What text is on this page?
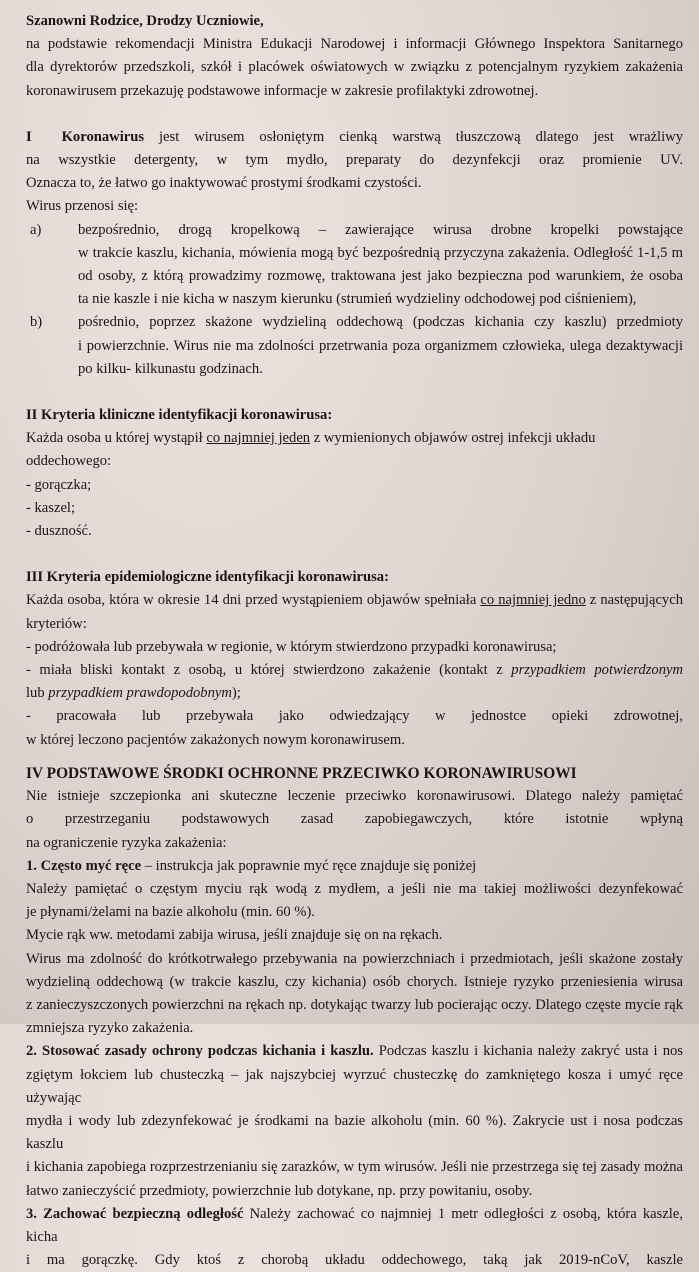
Szanowni Rodzice, Drodzy Uczniowie,

na podstawie rekomendacji Ministra Edukacji Narodowej i informacji Głównego Inspektora Sanitarnego

dla dyrektorów przedszkoli, szkół i placówek oświatowych w związku z potencjalnym ryzykiem zakażenia

koronawirusem przekazuję podstawowe informacje w zakresie profilaktyki zdrowotnej.

I Koronawirus jest wirusem osłoniętym cienką warstwą tłuszczową dlatego jest wrażliwy

na wszystkie detergenty, w tym mydło, preparaty do dezynfekcji oraz promienie UV.

Oznacza to, że łatwo go inaktywować prostymi środkami czystości.

Wirus przenosi się:

a)	bezpośrednio, drogą kropelkową – zawierające wirusa drobne kropelki powstające

w trakcie kaszlu, kichania, mówienia mogą być bezpośrednią przyczyna zakażenia. Odległość 1-1,5 m

od osoby, z którą prowadzimy rozmowę, traktowana jest jako bezpieczna pod warunkiem, że osoba

ta nie kaszle i nie kicha w naszym kierunku (strumień wydzieliny odchodowej pod ciśnieniem),

b)	pośrednio, poprzez skażone wydzieliną oddechową (podczas kichania czy kaszlu) przedmioty

i powierzchnie. Wirus nie ma zdolności przetrwania poza organizmem człowieka, ulega dezaktywacji

po kilku- kilkunastu godzinach.

II Kryteria kliniczne identyfikacji koronawirusa:

Każda osoba u której wystąpił co najmniej jeden z wymienionych objawów ostrej infekcji układu oddechowego:

- gorączka;

- kaszel;

- duszność.

III Kryteria epidemiologiczne identyfikacji koronawirusa:

Każda osoba, która w okresie 14 dni przed wystąpieniem objawów spełniała co najmniej jedno z następujących

kryteriów:

- podróżowała lub przebywała w regionie, w którym stwierdzono przypadki koronawirusa;

- miała bliski kontakt z osobą, u której stwierdzono zakażenie (kontakt z przypadkiem potwierdzonym

lub przypadkiem prawdopodobnym);

- pracowała lub przebywała jako odwiedzający w jednostce opieki zdrowotnej,

w której leczono pacjentów zakażonych nowym koronawirusem.

IV PODSTAWOWE ŚRODKI OCHRONNE PRZECIWKO KORONAWIRUSOWI

Nie istnieje szczepionka ani skuteczne leczenie przeciwko koronawirusowi. Dlatego należy pamiętać

o przestrzeganiu podstawowych zasad zapobiegawczych, które istotnie wpłyną

na ograniczenie ryzyka zakażenia:

1. Często myć ręce – instrukcja jak poprawnie myć ręce znajduje się poniżej

Należy pamiętać o częstym myciu rąk wodą z mydłem, a jeśli nie ma takiej możliwości dezynfekować

je płynami/żelami na bazie alkoholu (min. 60 %).

Mycie rąk ww. metodami zabija wirusa, jeśli znajduje się on na rękach.

Wirus ma zdolność do krótkotrwałego przebywania na powierzchniach i przedmiotach, jeśli skażone zostały

wydzieliną oddechową (w trakcie kaszlu, czy kichania) osób chorych. Istnieje ryzyko przeniesienia wirusa

z zanieczyszczonych powierzchni na rękach np. dotykając twarzy lub pocierając oczy. Dlatego częste mycie rąk

zmniejsza ryzyko zakażenia.

2. Stosować zasady ochrony podczas kichania i kaszlu. Podczas kaszlu i kichania należy zakryć usta i nos

zgiętym łokciem lub chusteczką – jak najszybciej wyrzuć chusteczkę do zamkniętego kosza i umyć ręce używając

mydła i wody lub zdezynfekować je środkami na bazie alkoholu (min. 60 %). Zakrycie ust i nosa podczas kaszlu

i kichania zapobiega rozprzestrzenianiu się zarazków, w tym wirusów. Jeśli nie przestrzega się tej zasady można

łatwo zanieczyścić przedmioty, powierzchnie lub dotykane, np. przy powitaniu, osoby.

3. Zachować bezpieczną odległość Należy zachować co najmniej 1 metr odległości z osobą, która kaszle, kicha

i ma gorączkę. Gdy ktoś z chorobą układu oddechowego, taką jak 2019-nCoV, kaszle
